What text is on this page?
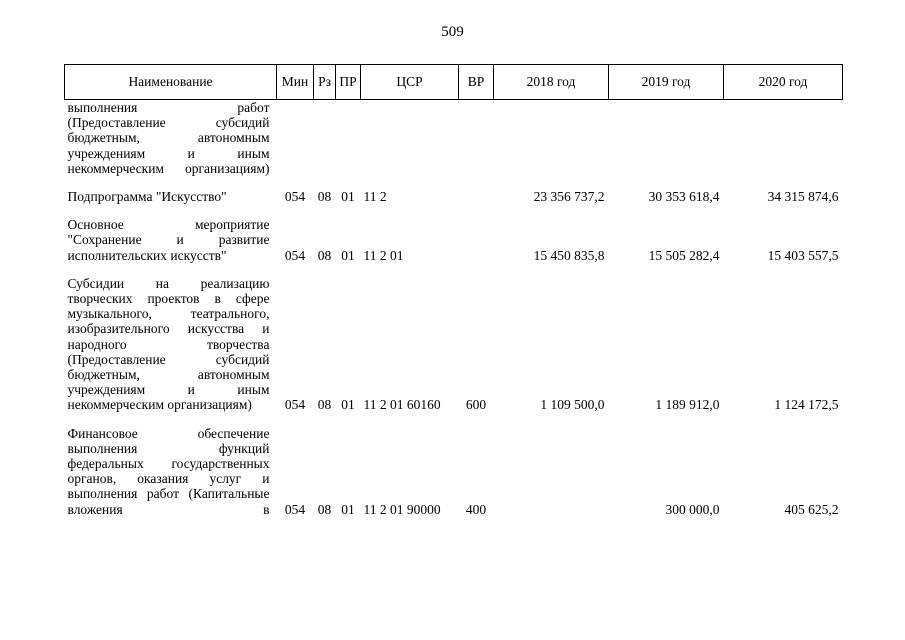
509
Наименование	Мин	Рз	ПР	ЦСР	ВР	2018 год	2019 год	2020 год
выполнения работ (Предоставление субсидий бюджетным, автономным учреждениям и иным некоммерческим организациям)								

Подпрограмма "Искусство"	054	08	01	11 2		23 356 737,2	30 353 618,4	34 315 874,6

Основное мероприятие "Сохранение и развитие исполнительских искусств"	054	08	01	11 2 01		15 450 835,8	15 505 282,4	15 403 557,5

Субсидии на реализацию творческих проектов в сфере музыкального, театрального, изобразительного искусства и народного творчества (Предоставление субсидий бюджетным, автономным учреждениям и иным некоммерческим организациям)	054	08	01	11 2 01 60160	600	1 109 500,0	1 189 912,0	1 124 172,5

Финансовое обеспечение выполнения функций федеральных государственных органов, оказания услуг и выполнения работ (Капитальные вложения в	054	08	01	11 2 01 90000	400		300 000,0	405 625,2
